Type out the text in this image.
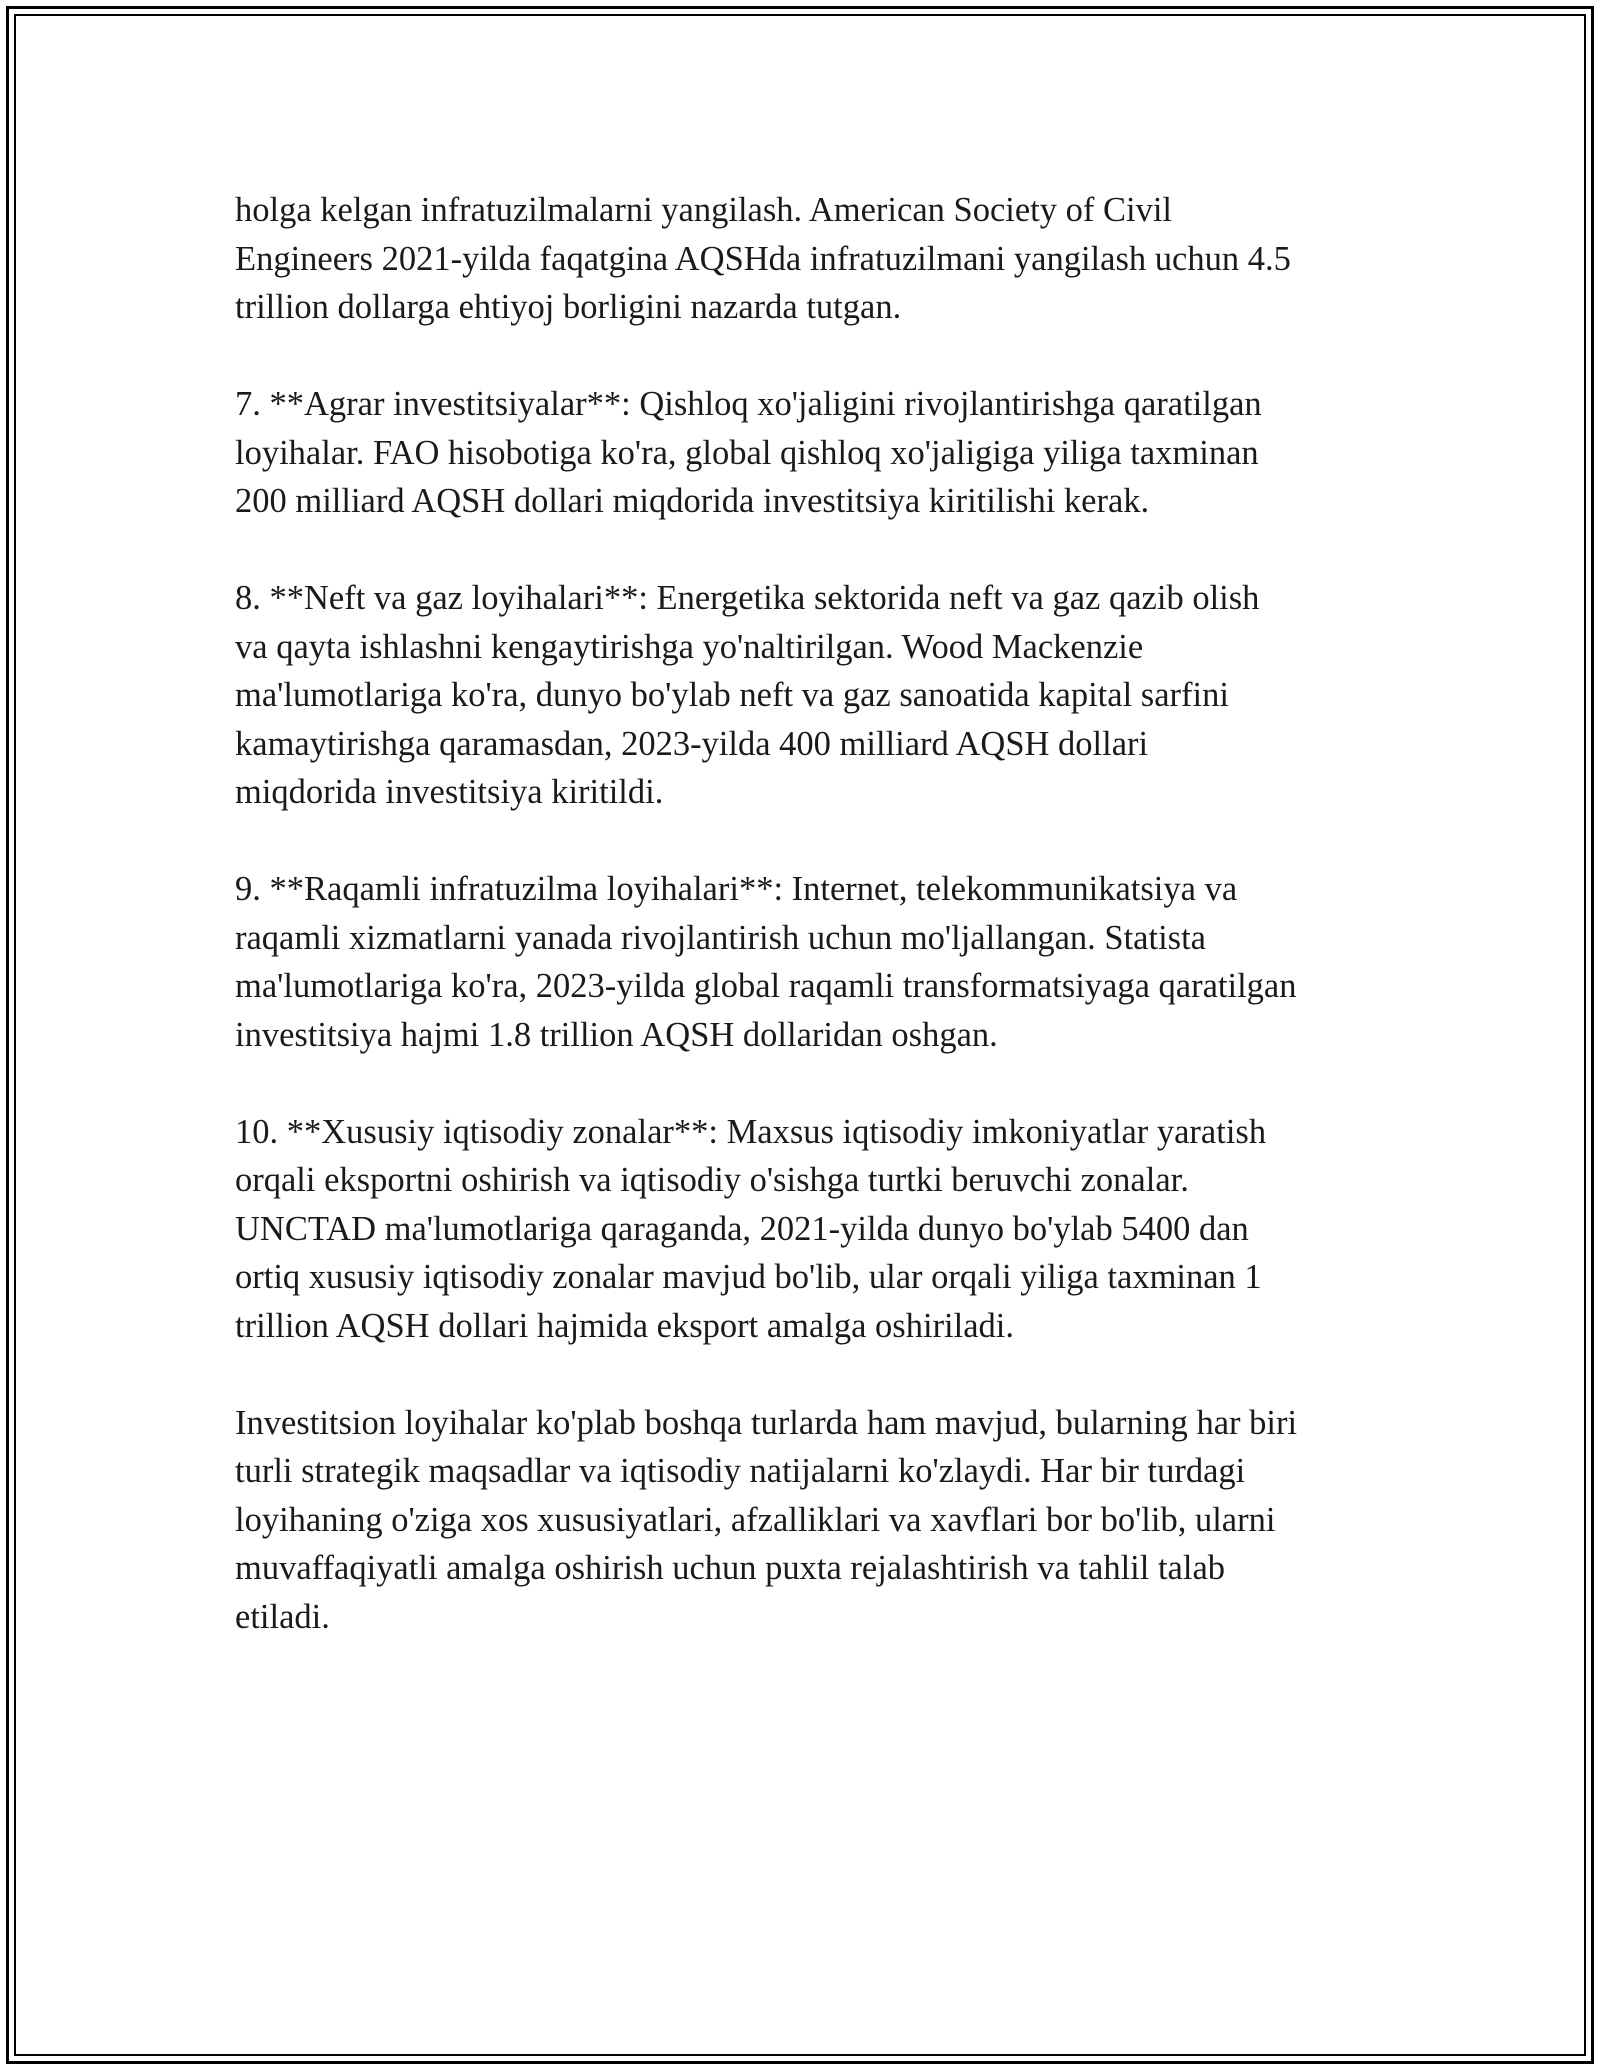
holga kelgan infratuzilmalarni yangilash. American Society of Civil
Engineers 2021-yilda faqatgina AQSHda infratuzilmani yangilash uchun 4.5
trillion dollarga ehtiyoj borligini nazarda tutgan.

7. **Agrar investitsiyalar**: Qishloq xo'jaligini rivojlantirishga qaratilgan
loyihalar. FAO hisobotiga ko'ra, global qishloq xo'jaligiga yiliga taxminan
200 milliard AQSH dollari miqdorida investitsiya kiritilishi kerak.

8. **Neft va gaz loyihalari**: Energetika sektorida neft va gaz qazib olish
va qayta ishlashni kengaytirishga yo'naltirilgan. Wood Mackenzie
ma'lumotlariga ko'ra, dunyo bo'ylab neft va gaz sanoatida kapital sarfini
kamaytirishga qaramasdan, 2023-yilda 400 milliard AQSH dollari
miqdorida investitsiya kiritildi.

9. **Raqamli infratuzilma loyihalari**: Internet, telekommunikatsiya va
raqamli xizmatlarni yanada rivojlantirish uchun mo'ljallangan. Statista
ma'lumotlariga ko'ra, 2023-yilda global raqamli transformatsiyaga qaratilgan
investitsiya hajmi 1.8 trillion AQSH dollaridan oshgan.

10. **Xususiy iqtisodiy zonalar**: Maxsus iqtisodiy imkoniyatlar yaratish
orqali eksportni oshirish va iqtisodiy o'sishga turtki beruvchi zonalar.
UNCTAD ma'lumotlariga qaraganda, 2021-yilda dunyo bo'ylab 5400 dan
ortiq xususiy iqtisodiy zonalar mavjud bo'lib, ular orqali yiliga taxminan 1
trillion AQSH dollari hajmida eksport amalga oshiriladi.

Investitsion loyihalar ko'plab boshqa turlarda ham mavjud, bularning har biri
turli strategik maqsadlar va iqtisodiy natijalarni ko'zlaydi. Har bir turdagi
loyihaning o'ziga xos xususiyatlari, afzalliklari va xavflari bor bo'lib, ularni
muvaffaqiyatli amalga oshirish uchun puxta rejalashtirish va tahlil talab
etiladi.
